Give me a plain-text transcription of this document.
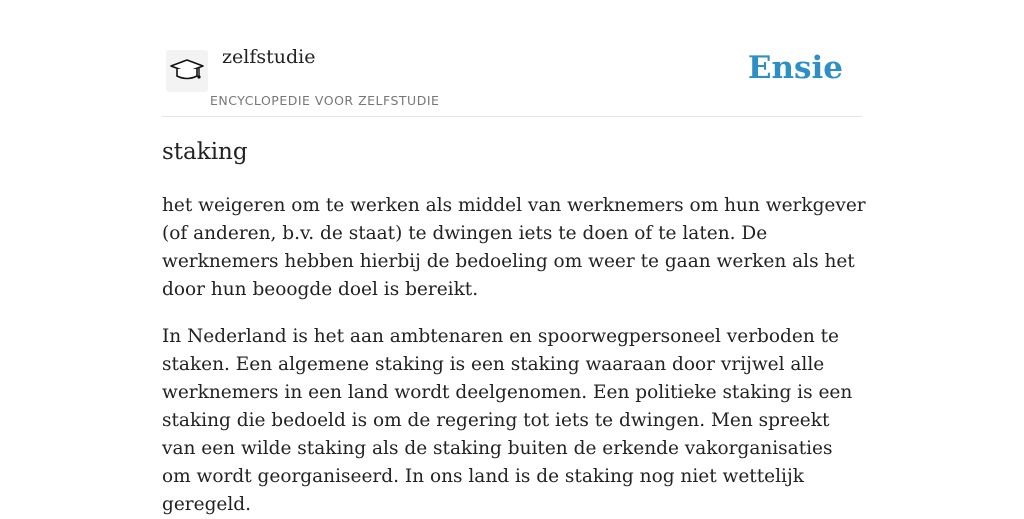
zelfstudie
ENCYCLOPEDIE VOOR ZELFSTUDIE
Ensie
staking

het weigeren om te werken als middel van werknemers om hun werkgever (of anderen, b.v. de staat) te dwingen iets te doen of te laten. De werknemers hebben hierbij de bedoeling om weer te gaan werken als het door hun beoogde doel is bereikt.

In Nederland is het aan ambtenaren en spoorwegpersoneel verboden te staken. Een algemene staking is een staking waaraan door vrijwel alle werknemers in een land wordt deelgenomen. Een politieke staking is een staking die bedoeld is om de regering tot iets te dwingen. Men spreekt van een wilde staking als de staking buiten de erkende vakorganisaties om wordt georganiseerd. In ons land is de staking nog niet wettelijk geregeld.
